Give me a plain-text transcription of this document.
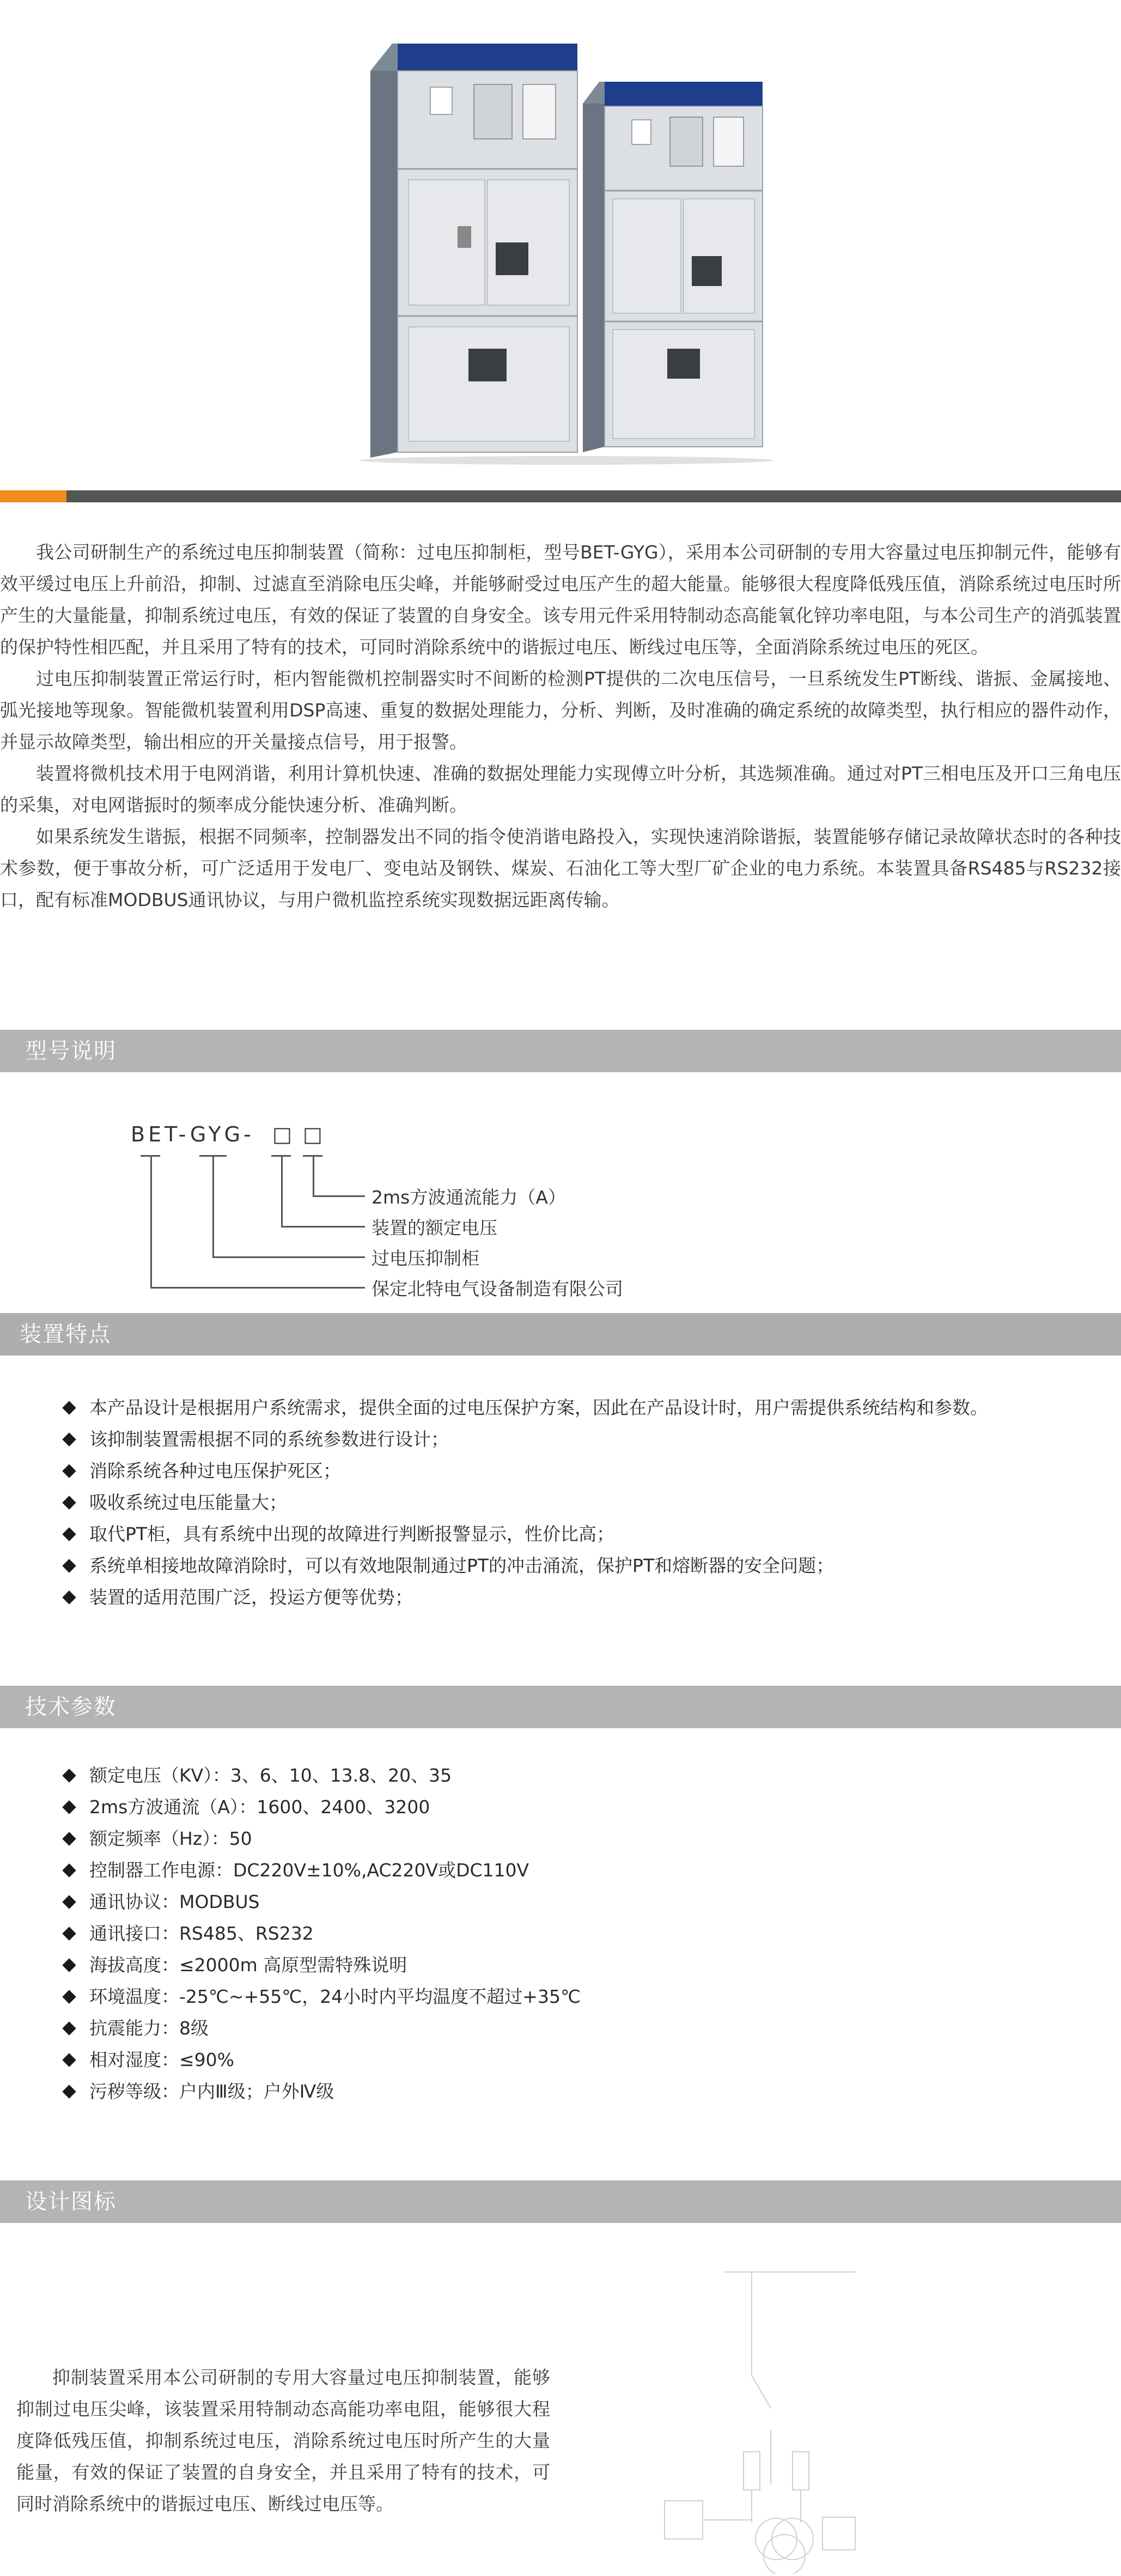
我公司研制生产的系统过电压抑制装置（简称：过电压抑制柜，型号BET-GYG），采用本公司研制的专用大容量过电压抑制元件，能够有效平缓过电压上升前沿，抑制、过滤直至消除电压尖峰，并能够耐受过电压产生的超大能量。能够很大程度降低残压值，消除系统过电压时所产生的大量能量，抑制系统过电压，有效的保证了装置的自身安全。该专用元件采用特制动态高能氧化锌功率电阻，与本公司生产的消弧装置的保护特性相匹配，并且采用了特有的技术，可同时消除系统中的谐振过电压、断线过电压等，全面消除系统过电压的死区。

过电压抑制装置正常运行时，柜内智能微机控制器实时不间断的检测PT提供的二次电压信号，一旦系统发生PT断线、谐振、金属接地、弧光接地等现象。智能微机装置利用DSP高速、重复的数据处理能力，分析、判断，及时准确的确定系统的故障类型，执行相应的器件动作，并显示故障类型，输出相应的开关量接点信号，用于报警。

装置将微机技术用于电网消谐，利用计算机快速、准确的数据处理能力实现傅立叶分析，其选频准确。通过对PT三相电压及开口三角电压的采集，对电网谐振时的频率成分能快速分析、准确判断。

如果系统发生谐振，根据不同频率，控制器发出不同的指令使消谐电路投入，实现快速消除谐振，装置能够存储记录故障状态时的各种技术参数，便于事故分析，可广泛适用于发电厂、变电站及钢铁、煤炭、石油化工等大型厂矿企业的电力系统。本装置具备RS485与RS232接口，配有标准MODBUS通讯协议，与用户微机监控系统实现数据远距离传输。

型号说明
BET-GYG- □ □
2ms方波通流能力（A）
装置的额定电压
过电压抑制柜
保定北特电气设备制造有限公司
装置特点
本产品设计是根据用户系统需求，提供全面的过电压保护方案，因此在产品设计时，用户需提供系统结构和参数。
该抑制装置需根据不同的系统参数进行设计；
消除系统各种过电压保护死区；
吸收系统过电压能量大；
取代PT柜，具有系统中出现的故障进行判断报警显示，性价比高；
系统单相接地故障消除时，可以有效地限制通过PT的冲击涌流，保护PT和熔断器的安全问题；
装置的适用范围广泛，投运方便等优势；
技术参数
额定电压（KV）：3、6、10、13.8、20、35
2ms方波通流（A）：1600、2400、3200
额定频率（Hz）：50
控制器工作电源：DC220V±10%,AC220V或DC110V
通讯协议：MODBUS
通讯接口：RS485、RS232
海拔高度：≤2000m 高原型需特殊说明
环境温度：-25℃~+55℃，24小时内平均温度不超过+35℃
抗震能力：8级
相对湿度：≤90%
污秽等级：户内Ⅲ级；户外Ⅳ级
设计图标
抑制装置采用本公司研制的专用大容量过电压抑制装置，能够抑制过电压尖峰，该装置采用特制动态高能功率电阻，能够很大程度降低残压值，抑制系统过电压，消除系统过电压时所产生的大量能量，有效的保证了装置的自身安全，并且采用了特有的技术，可同时消除系统中的谐振过电压、断线过电压等。
